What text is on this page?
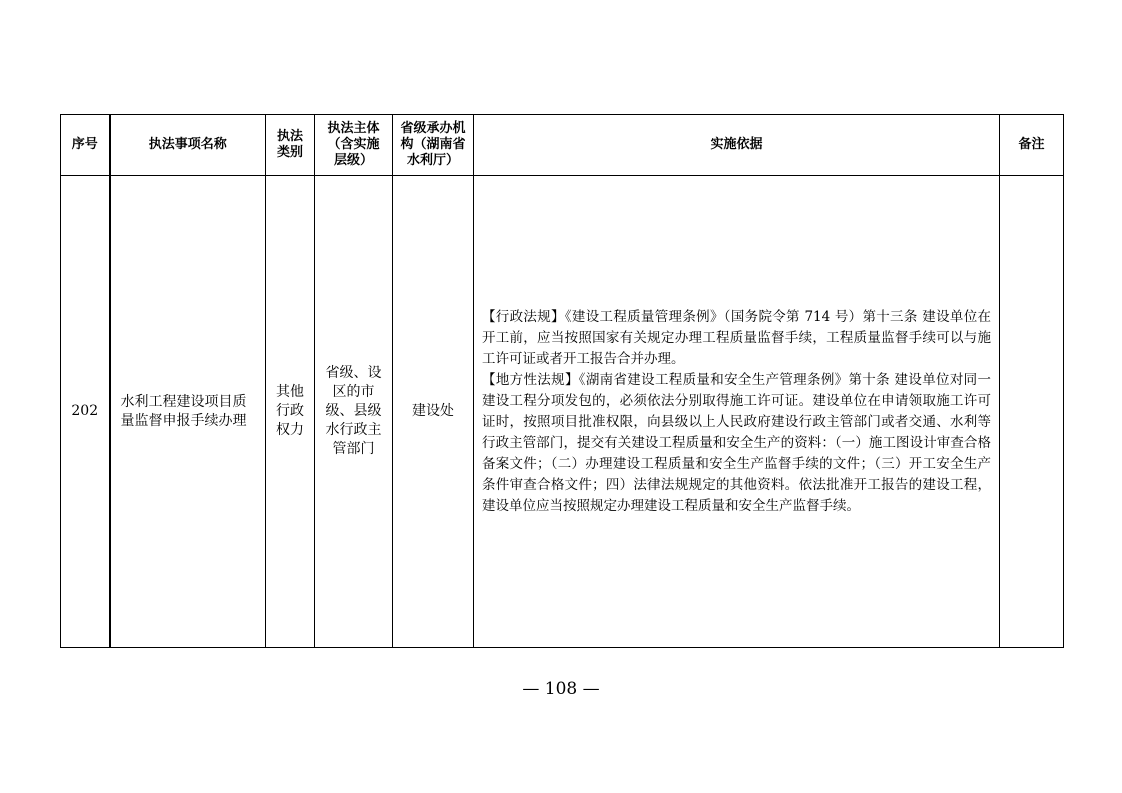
序号	执法事项名称	执法类别	执法主体（含实施层级）	省级承办机构（湖南省水利厅）	实施依据	备注
202	水利工程建设项目质量监督申报手续办理	其他行政权力	省级、设区的市级、县级水行政主管部门	建设处	【行政法规】《建设工程质量管理条例》（国务院令第 714 号）第十三条 建设单位在开工前，应当按照国家有关规定办理工程质量监督手续，工程质量监督手续可以与施工许可证或者开工报告合并办理。
【地方性法规】《湖南省建设工程质量和安全生产管理条例》第十条 建设单位对同一建设工程分项发包的，必须依法分别取得施工许可证。建设单位在申请领取施工许可证时，按照项目批准权限，向县级以上人民政府建设行政主管部门或者交通、水利等行政主管部门，提交有关建设工程质量和安全生产的资料：（一）施工图设计审查合格备案文件；（二）办理建设工程质量和安全生产监督手续的文件；（三）开工安全生产条件审查合格文件；四）法律法规规定的其他资料。依法批准开工报告的建设工程，建设单位应当按照规定办理建设工程质量和安全生产监督手续。	

— 108 —
